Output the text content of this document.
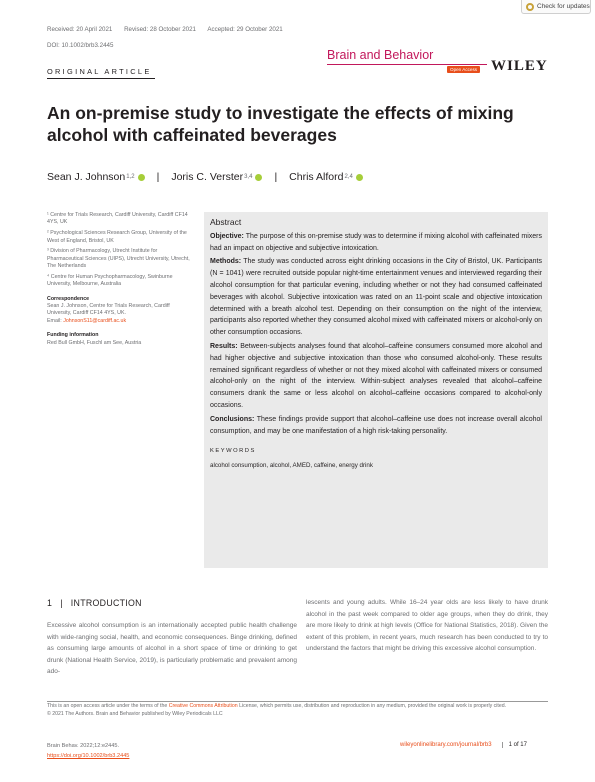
Check for updates
Received: 20 April 2021 Revised: 28 October 2021 Accepted: 29 October 2021
DOI: 10.1002/brb3.2445
Brain and Behavior
Open Access WILEY
ORIGINAL ARTICLE
An on-premise study to investigate the effects of mixing alcohol with caffeinated beverages
Sean J. Johnson 1,2 | Joris C. Verster 3,4 | Chris Alford 2,4

¹ Centre for Trials Research, Cardiff University, Cardiff CF14 4YS, UK

² Psychological Sciences Research Group, University of the West of England, Bristol, UK

³ Division of Pharmacology, Utrecht Institute for Pharmaceutical Sciences (UIPS), Utrecht University, Utrecht, The Netherlands

⁴ Centre for Human Psychopharmacology, Swinburne University, Melbourne, Australia

Correspondence

Sean J. Johnson, Centre for Trials Research, Cardiff University, Cardiff CF14 4YS, UK.

Email: JohnsonS11@cardiff.ac.uk

Funding information

Red Bull GmbH, Fuschl am See, Austria

Abstract

Objective: The purpose of this on-premise study was to determine if mixing alcohol with caffeinated mixers had an impact on objective and subjective intoxication.

Methods: The study was conducted across eight drinking occasions in the City of Bristol, UK. Participants (N = 1041) were recruited outside popular night-time entertainment venues and interviewed regarding their alcohol consumption for that particular evening, including whether or not they had consumed caffeinated beverages with alcohol. Subjective intoxication was rated on an 11-point scale and objective intoxication determined with a breath alcohol test. Depending on their consumption on the night of the interview, participants also reported whether they consumed alcohol mixed with caffeinated mixers or alcohol-only on other consumption occasions.

Results: Between-subjects analyses found that alcohol–caffeine consumers consumed more alcohol and had higher objective and subjective intoxication than those who consumed alcohol-only. These results remained significant regardless of whether or not they mixed alcohol with caffeinated mixers or consumed alcohol-only on the night of the interview. Within-subject analyses revealed that alcohol–caffeine consumers drank the same or less alcohol on alcohol–caffeine occasions compared to alcohol-only occasions.

Conclusions: These findings provide support that alcohol–caffeine use does not increase overall alcohol consumption, and may be one manifestation of a high risk-taking personality.

KEYWORDS
alcohol consumption, alcohol, AMED, caffeine, energy drink
1 | INTRODUCTION

Excessive alcohol consumption is an internationally accepted public health challenge with wide-ranging social, health, and economic consequences. Binge drinking, defined as consuming large amounts of alcohol in a short space of time or drinking to get drunk (National Health Service, 2019), is particularly problematic and prevalent among ado-

lescents and young adults. While 16–24 year olds are less likely to have drunk alcohol in the past week compared to older age groups, when they do drink, they are more likely to drink at high levels (Office for National Statistics, 2018). Given the extent of this problem, in recent years, much research has been conducted to try to understand the factors that might be driving this excessive alcohol consumption.

This is an open access article under the terms of the Creative Commons Attribution License, which permits use, distribution and reproduction in any medium, provided the original work is properly cited.
© 2021 The Authors. Brain and Behavior published by Wiley Periodicals LLC
Brain Behav. 2022;12:e2445.
https://doi.org/10.1002/brb3.2445
wileyonlinelibrary.com/journal/brb3	1 of 17
